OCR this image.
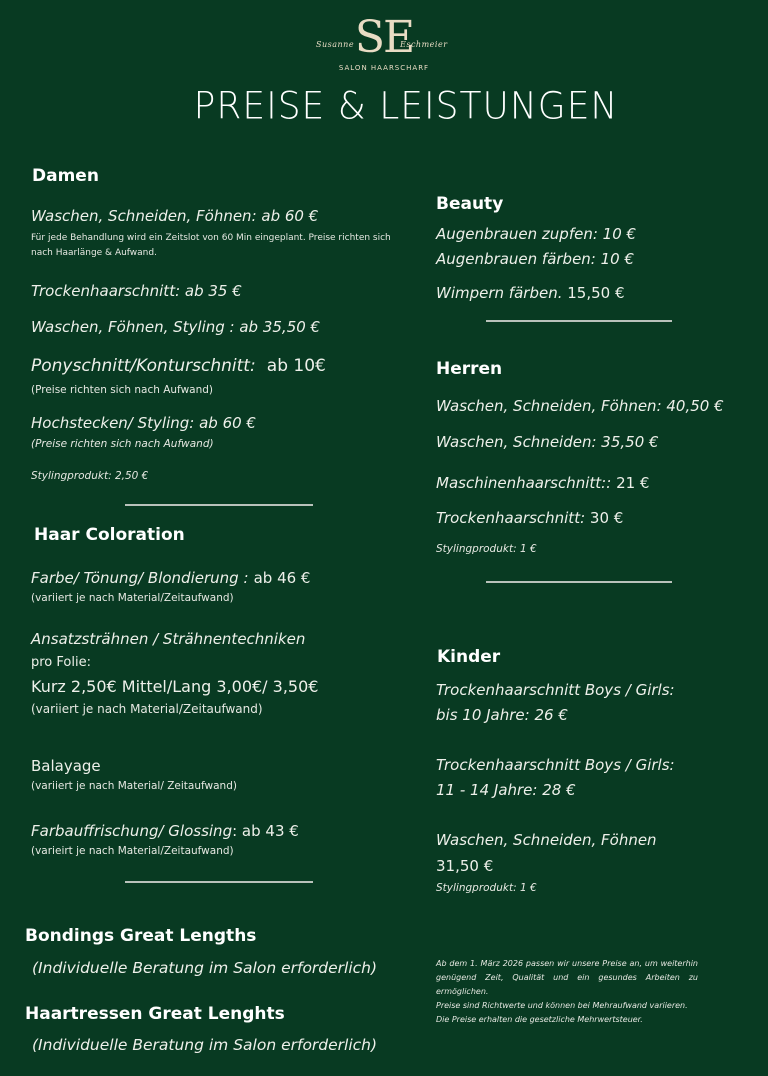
SE
Susanne	Eschmeier
SALON HAARSCHARF
PREISE & LEISTUNGEN
Damen
Waschen, Schneiden, Föhnen: ab 60 €
Für jede Behandlung wird ein Zeitslot von 60 Min eingeplant. Preise richten sich nach Haarlänge & Aufwand.
Trockenhaarschnitt: ab 35 €
Waschen, Föhnen, Styling : ab 35,50 €
Ponyschnitt/Konturschnitt: ab 10€
(Preise richten sich nach Aufwand)
Hochstecken/ Styling: ab 60 €
(Preise richten sich nach Aufwand)
Stylingprodukt: 2,50 €
Haar Coloration
Farbe/ Tönung/ Blondierung : ab 46 €
(variiert je nach Material/Zeitaufwand)
Ansatzsträhnen / Strähnentechniken
pro Folie:
Kurz 2,50€ Mittel/Lang 3,00€/ 3,50€
(variiert je nach Material/Zeitaufwand)
Balayage
(variiert je nach Material/ Zeitaufwand)
Farbauffrischung/ Glossing: ab 43 €
(varieirt je nach Material/Zeitaufwand)
Bondings Great Lengths
(Individuelle Beratung im Salon erforderlich)
Haartressen Great Lenghts
(Individuelle Beratung im Salon erforderlich)
Beauty
Augenbrauen zupfen: 10 €
Augenbrauen färben: 10 €
Wimpern färben. 15,50 €
Herren
Waschen, Schneiden, Föhnen: 40,50 €
Waschen, Schneiden: 35,50 €
Maschinenhaarschnitt:: 21 €
Trockenhaarschnitt: 30 €
Stylingprodukt: 1 €
Kinder
Trockenhaarschnitt Boys / Girls:
bis 10 Jahre: 26 €
Trockenhaarschnitt Boys / Girls:
11 - 14 Jahre: 28 €
Waschen, Schneiden, Föhnen
31,50 €
Stylingprodukt: 1 €
Ab dem 1. März 2026 passen wir unsere Preise an, um weiterhin genügend Zeit, Qualität und ein gesundes Arbeiten zu ermöglichen.
Preise sind Richtwerte und können bei Mehraufwand variieren.
Die Preise erhalten die gesetzliche Mehrwertsteuer.
